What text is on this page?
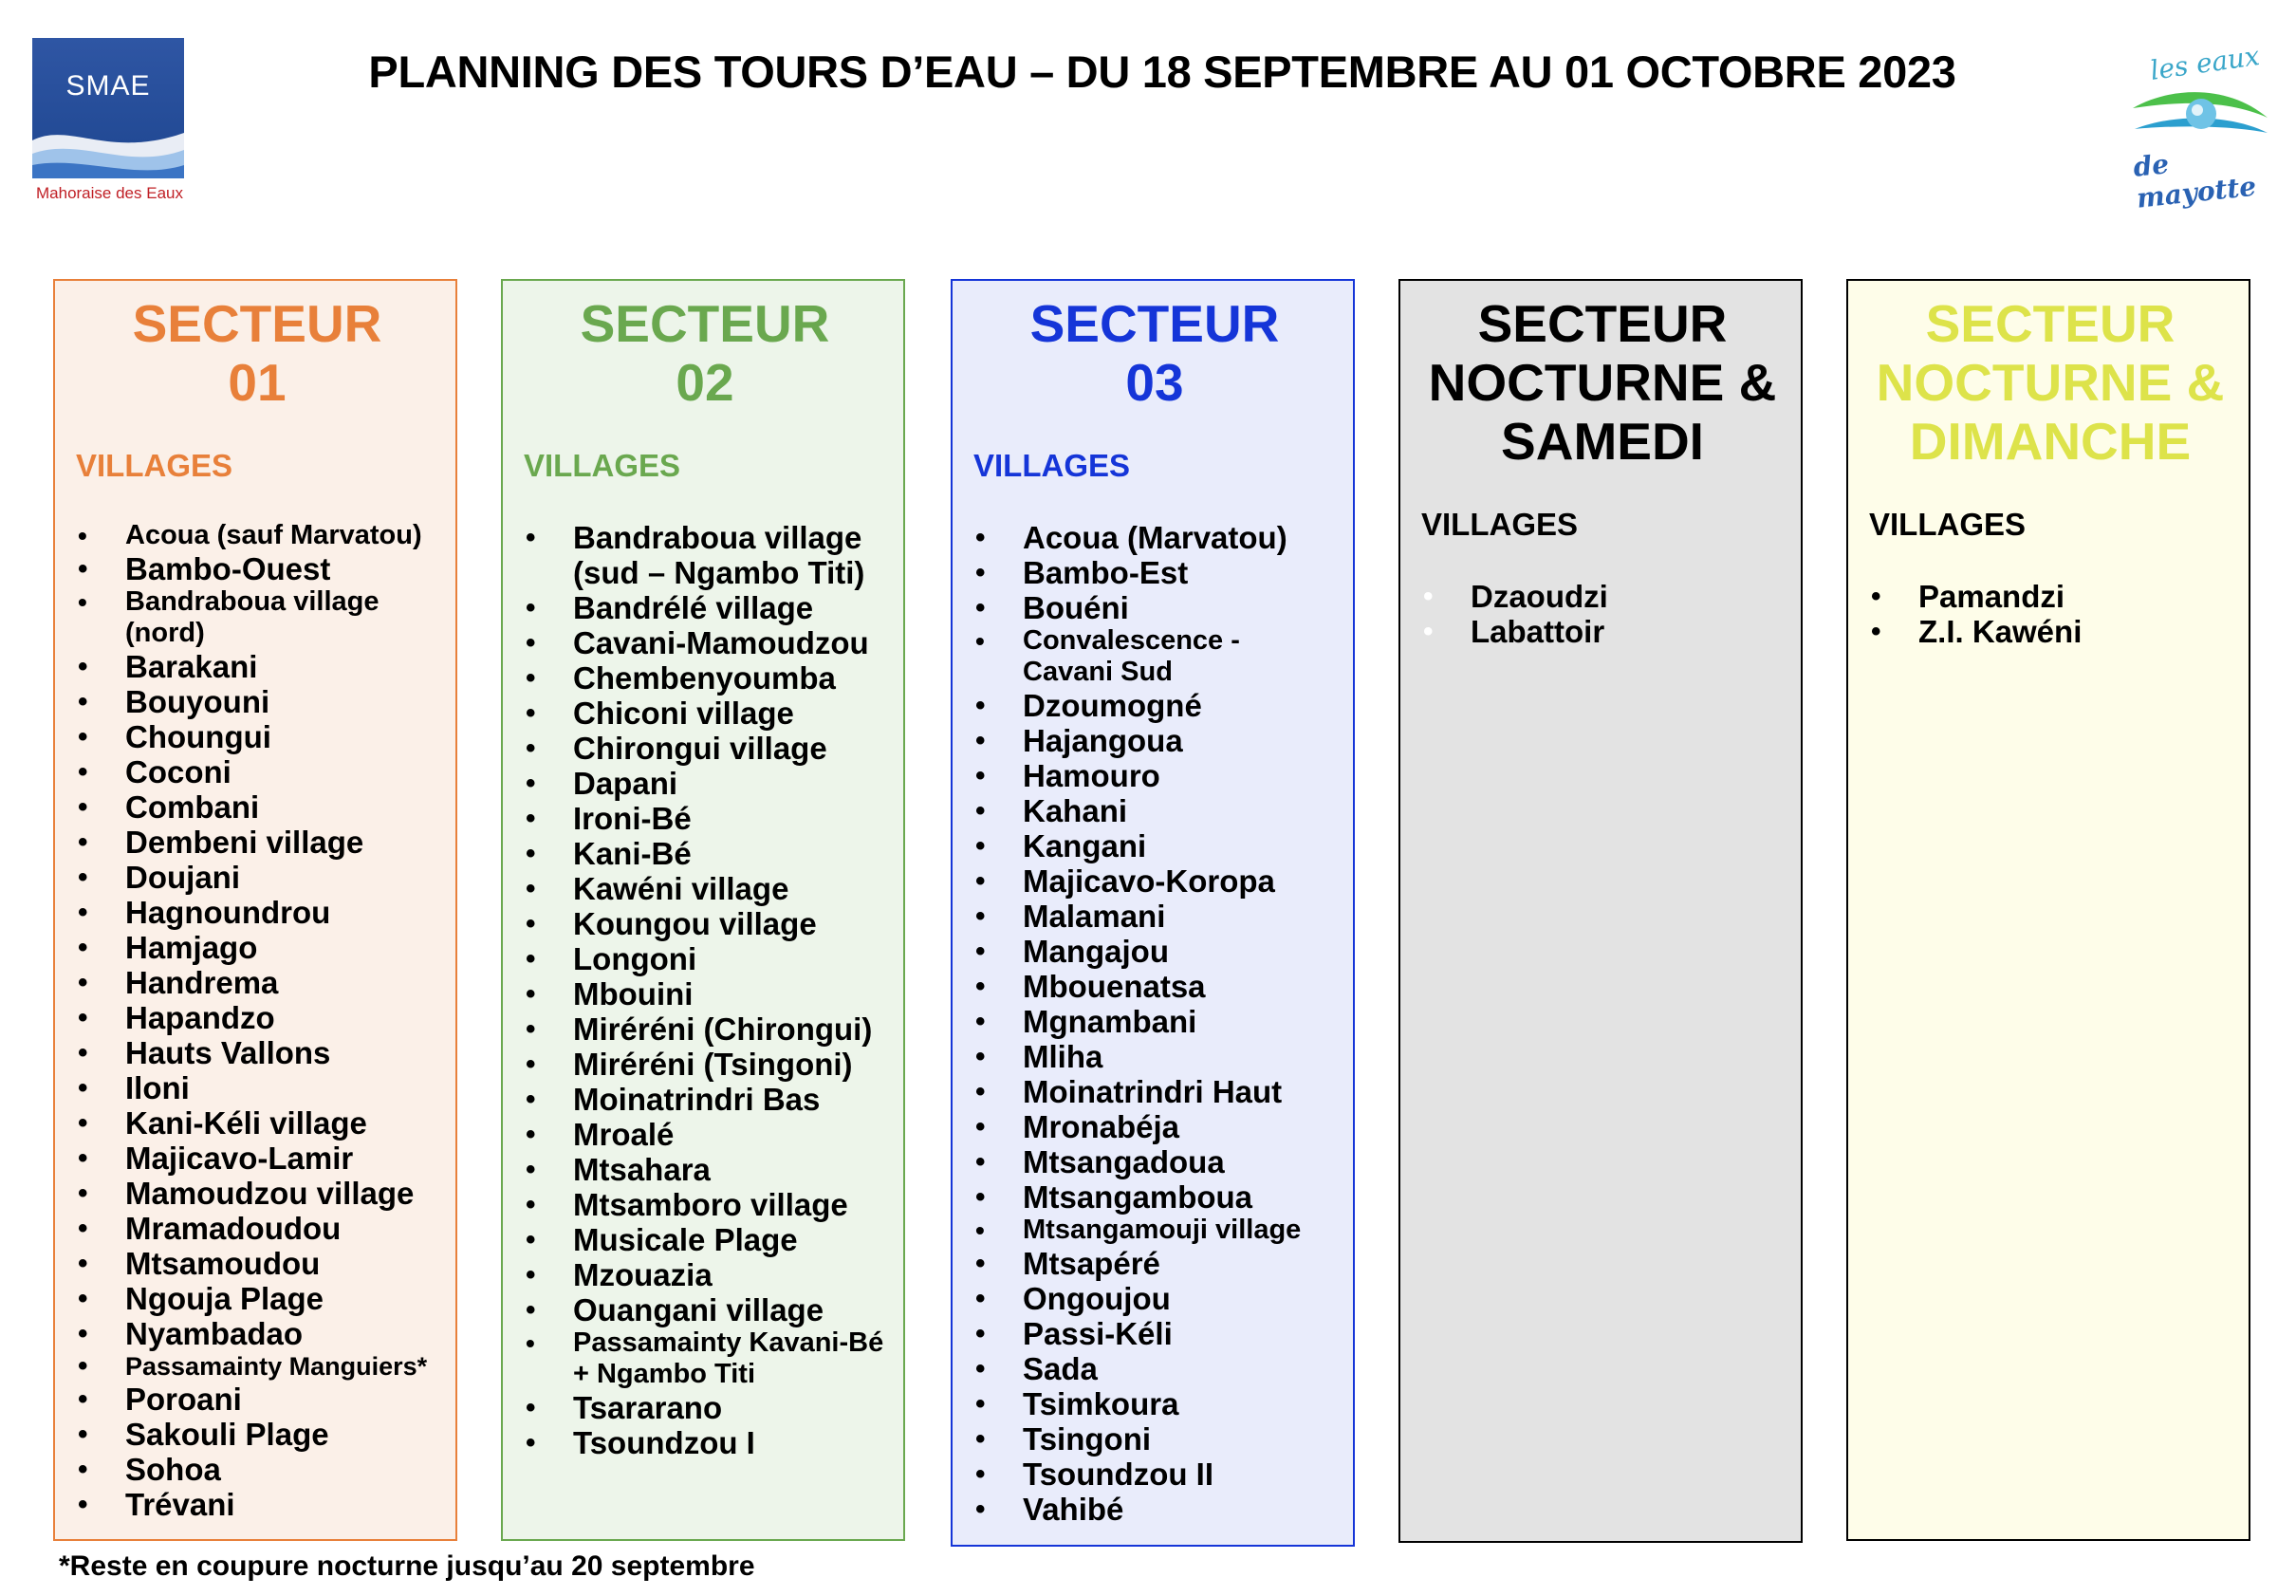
SMAE
Mahoraise des Eaux
les eaux
de mayotte
PLANNING DES TOURS D’EAU – DU 18 SEPTEMBRE AU 01 OCTOBRE 2023
SECTEUR
01
VILLAGES
• Acoua (sauf Marvatou)
• Bambo-Ouest
• Bandraboua village (nord)
• Barakani
• Bouyouni
• Choungui
• Coconi
• Combani
• Dembeni village
• Doujani
• Hagnoundrou
• Hamjago
• Handrema
• Hapandzo
• Hauts Vallons
• Iloni
• Kani-Kéli village
• Majicavo-Lamir
• Mamoudzou village
• Mramadoudou
• Mtsamoudou
• Ngouja Plage
• Nyambadao
• Passamainty Manguiers*
• Poroani
• Sakouli Plage
• Sohoa
• Trévani
SECTEUR
02
VILLAGES
• Bandraboua village (sud – Ngambo Titi)
• Bandrélé village
• Cavani-Mamoudzou
• Chembenyoumba
• Chiconi village
• Chirongui village
• Dapani
• Ironi-Bé
• Kani-Bé
• Kawéni village
• Koungou village
• Longoni
• Mbouini
• Miréréni (Chirongui)
• Miréréni (Tsingoni)
• Moinatrindri Bas
• Mroalé
• Mtsahara
• Mtsamboro village
• Musicale Plage
• Mzouazia
• Ouangani village
• Passamainty Kavani-Bé + Ngambo Titi
• Tsararano
• Tsoundzou I
SECTEUR
03
VILLAGES
• Acoua (Marvatou)
• Bambo-Est
• Bouéni
• Convalescence - Cavani Sud
• Dzoumogné
• Hajangoua
• Hamouro
• Kahani
• Kangani
• Majicavo-Koropa
• Malamani
• Mangajou
• Mbouenatsa
• Mgnambani
• Mliha
• Moinatrindri Haut
• Mronabéja
• Mtsangadoua
• Mtsangamboua
• Mtsangamouji village
• Mtsapéré
• Ongoujou
• Passi-Kéli
• Sada
• Tsimkoura
• Tsingoni
• Tsoundzou II
• Vahibé
SECTEUR
NOCTURNE &
SAMEDI
VILLAGES
• Dzaoudzi
• Labattoir
SECTEUR
NOCTURNE &
DIMANCHE
VILLAGES
• Pamandzi
• Z.I. Kawéni
*Reste en coupure nocturne jusqu’au 20 septembre
